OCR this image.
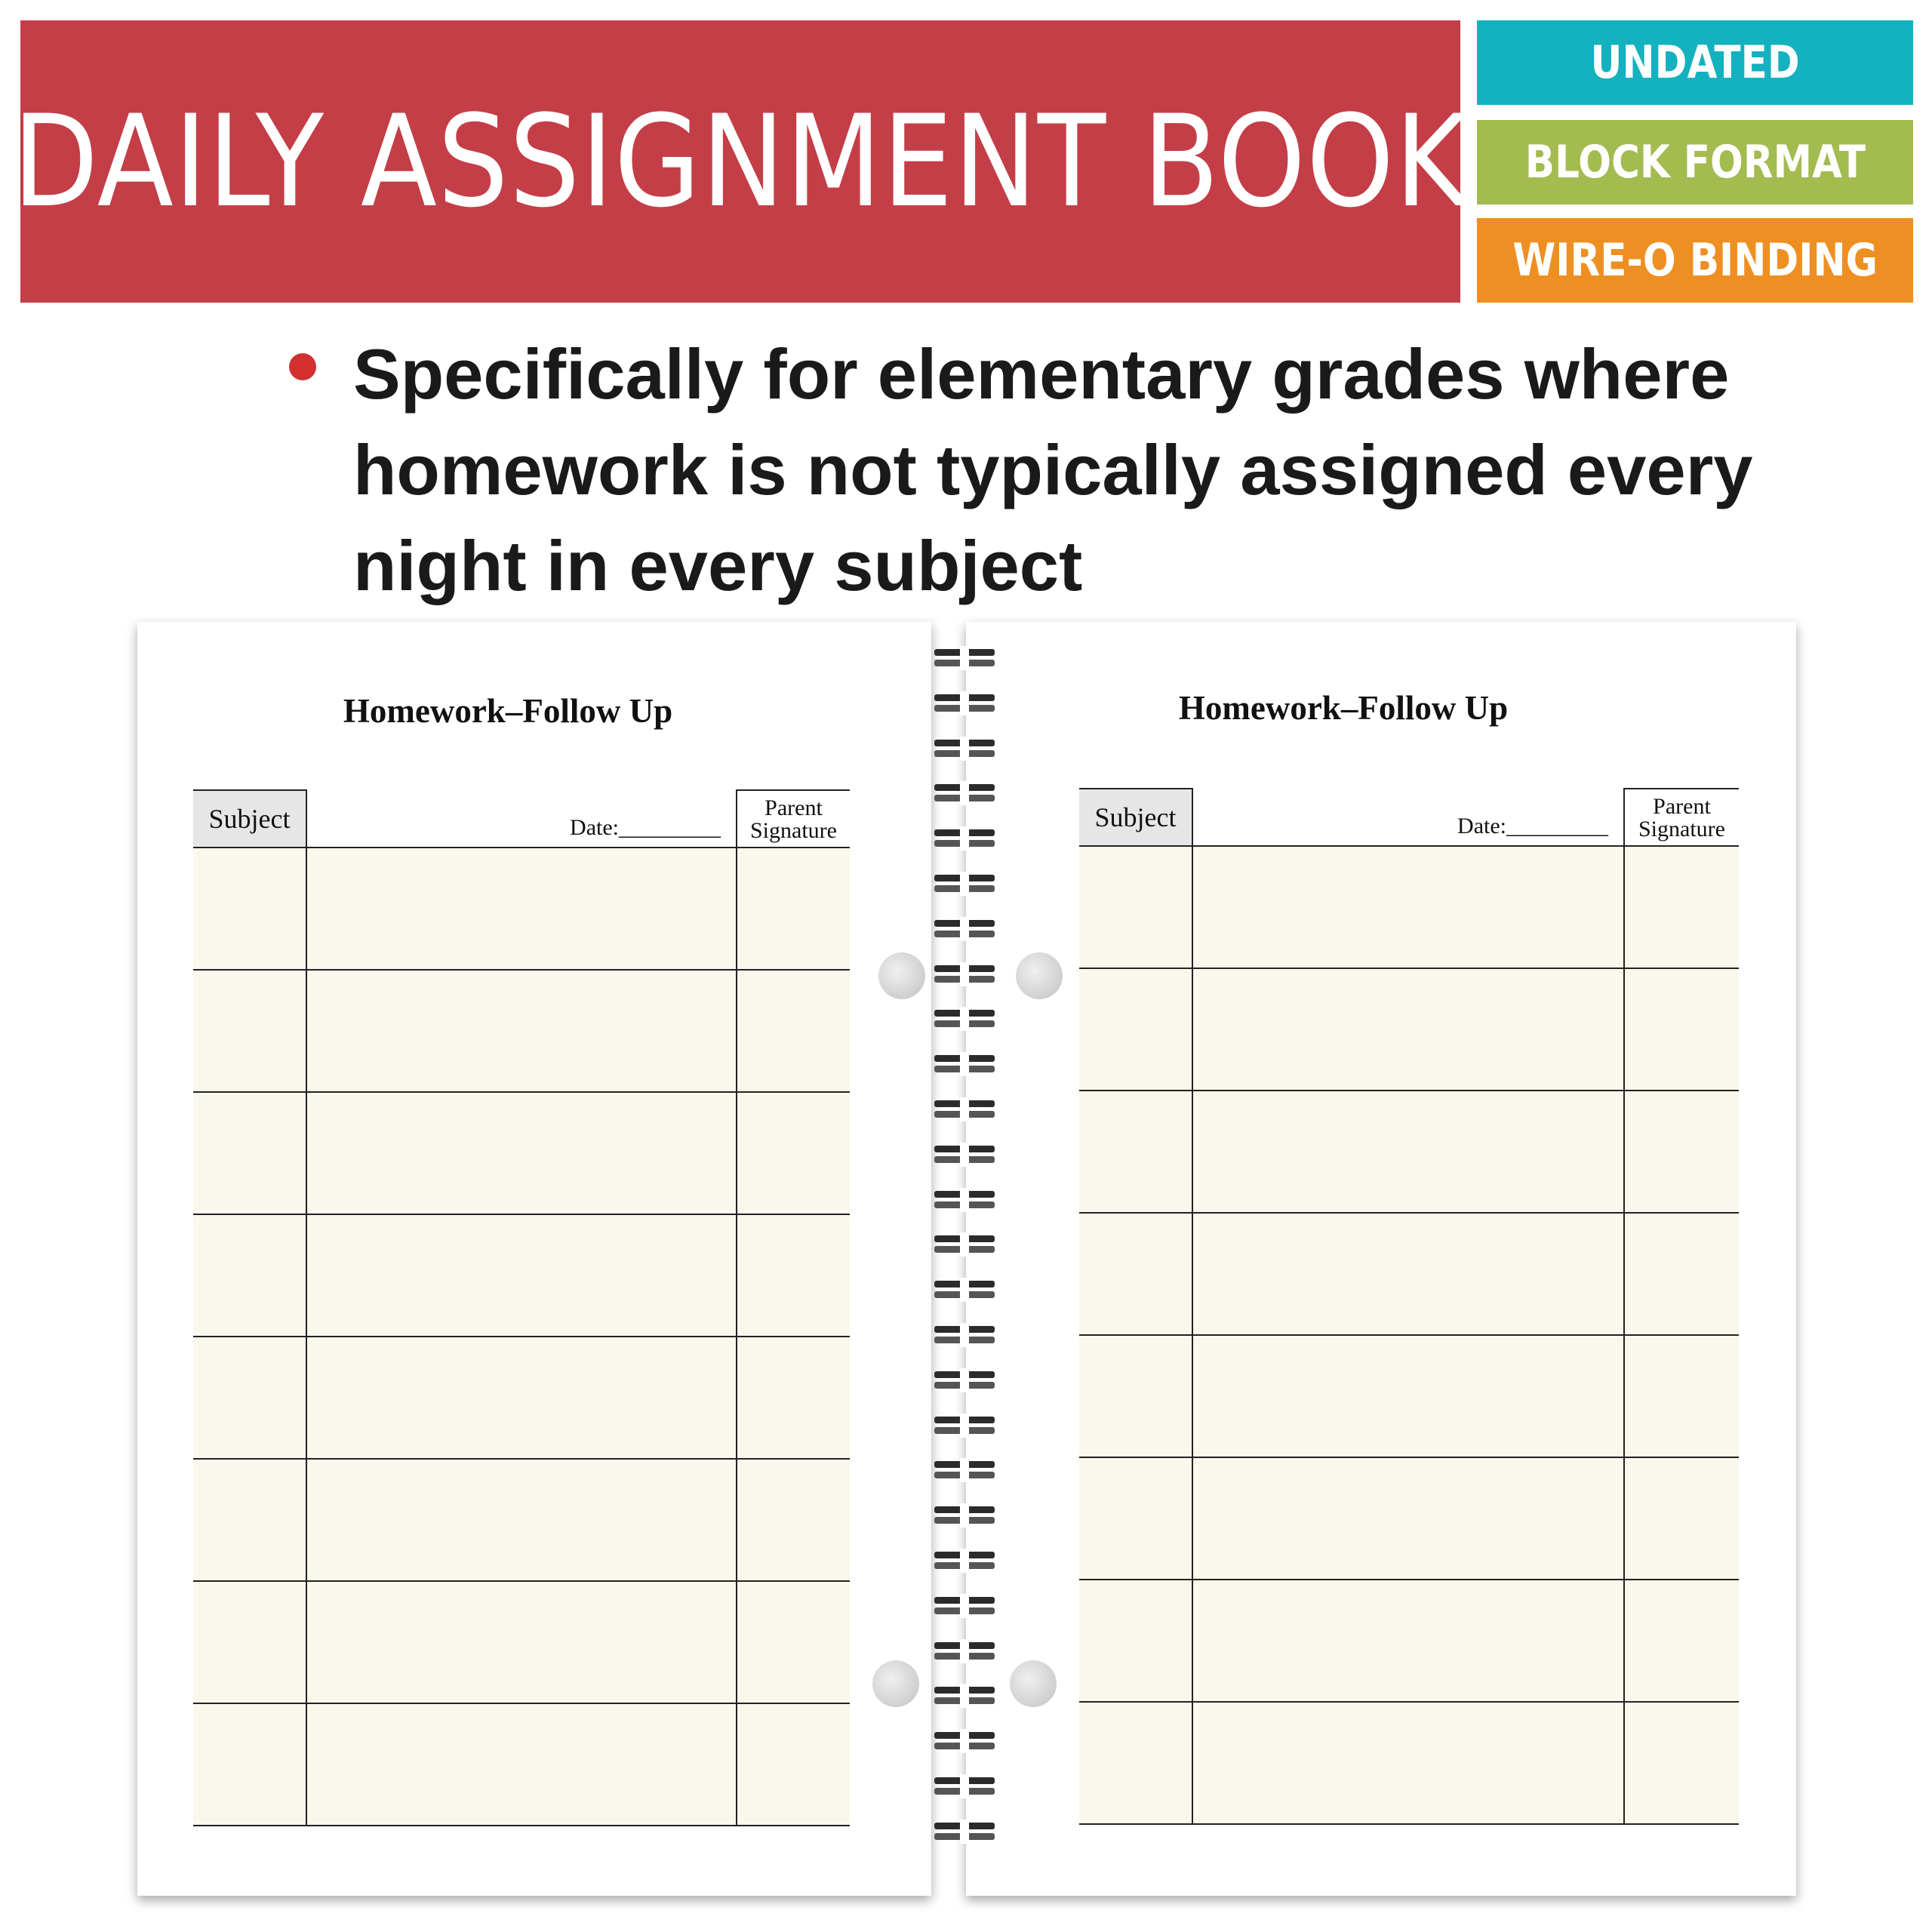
DAILY ASSIGNMENT BOOK
UNDATED
BLOCK FORMAT
WIRE-O BINDING
Specifically for elementary grades where homework is not typically assigned every night in every subject
Homework–Follow Up
Subject	Date:_________	Parent
Signature

Homework–Follow Up
Subject	Date:_________	Parent
Signature
